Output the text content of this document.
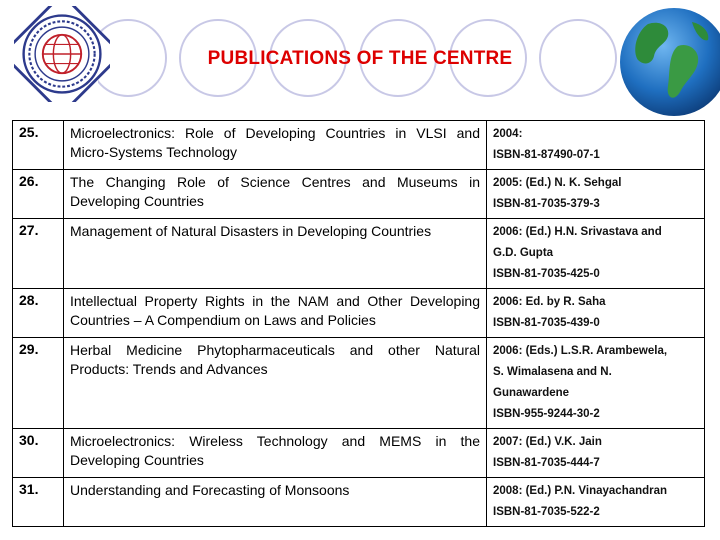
PUBLICATIONS OF THE CENTRE
25.	Microelectronics: Role of Developing Countries in VLSI and Micro-Systems Technology	2004:
ISBN-81-87490-07-1

26.	The Changing Role of Science Centres and Museums in Developing Countries	2005: (Ed.) N. K. Sehgal
ISBN-81-7035-379-3

27.	Management of Natural Disasters in Developing Countries	2006: (Ed.) H.N. Srivastava and
G.D. Gupta
ISBN-81-7035-425-0

28.	Intellectual Property Rights in the NAM and Other Developing Countries – A Compendium on Laws and Policies	2006: Ed. by R. Saha
ISBN-81-7035-439-0

29.	Herbal Medicine Phytopharmaceuticals and other Natural Products: Trends and Advances	2006: (Eds.) L.S.R. Arambewela,
S. Wimalasena and N.
Gunawardene
ISBN-955-9244-30-2

30.	Microelectronics: Wireless Technology and MEMS in the Developing Countries	2007: (Ed.) V.K. Jain
ISBN-81-7035-444-7

31.	Understanding and Forecasting of Monsoons	2008: (Ed.) P.N. Vinayachandran
ISBN-81-7035-522-2
